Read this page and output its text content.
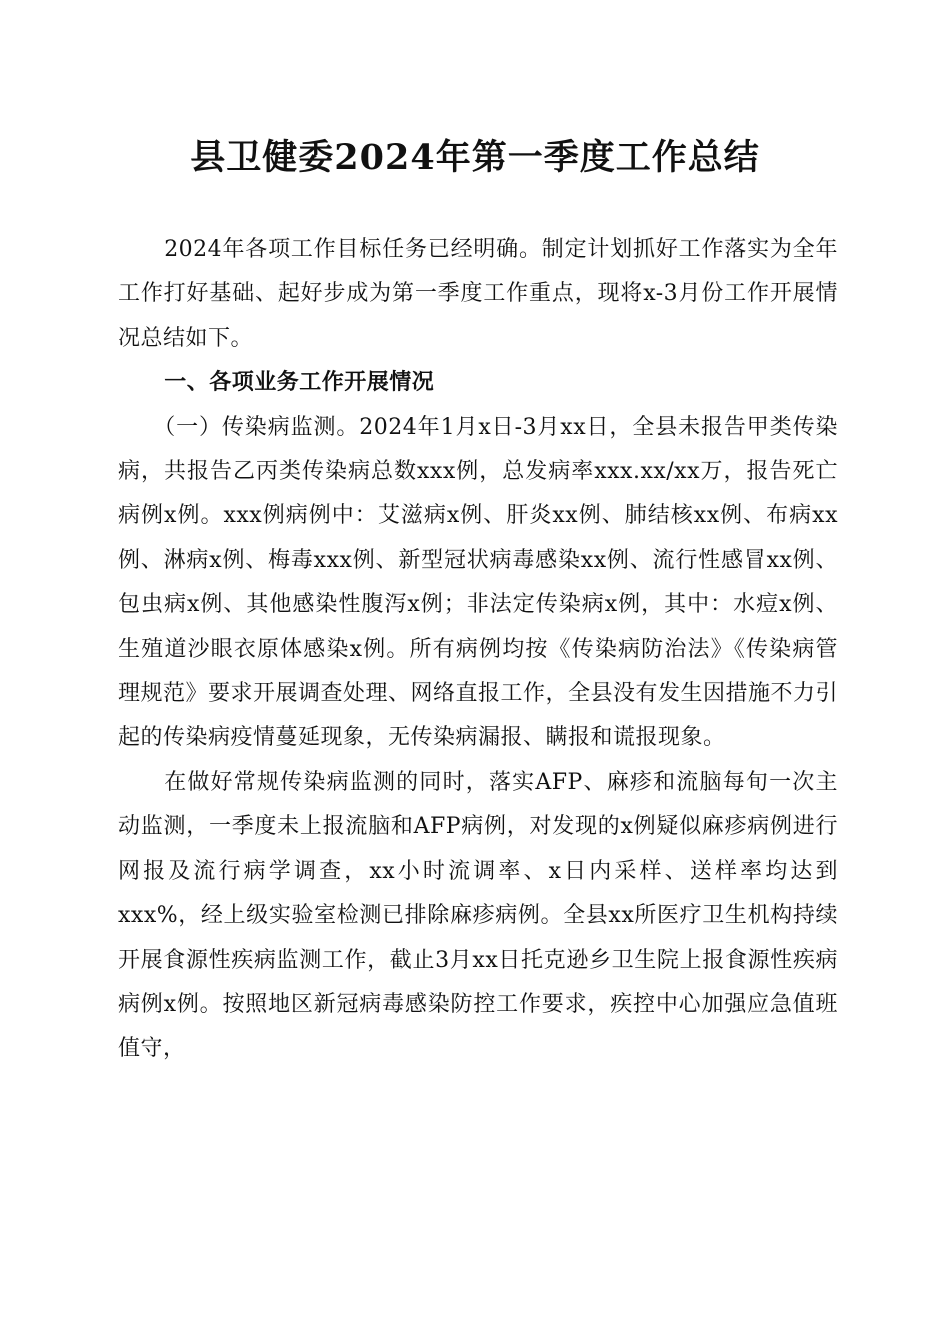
县卫健委2024年第一季度工作总结

2024年各项工作目标任务已经明确。制定计划抓好工作落实为全年工作打好基础、起好步成为第一季度工作重点，现将x-3月份工作开展情况总结如下。

一、各项业务工作开展情况

（一）传染病监测。2024年1月x日-3月xx日，全县未报告甲类传染病，共报告乙丙类传染病总数xxx例，总发病率xxx.xx/xx万，报告死亡病例x例。xxx例病例中：艾滋病x例、肝炎xx例、肺结核xx例、布病xx例、淋病x例、梅毒xxx例、新型冠状病毒感染xx例、流行性感冒xx例、包虫病x例、其他感染性腹泻x例；非法定传染病x例，其中：水痘x例、生殖道沙眼衣原体感染x例。所有病例均按《传染病防治法》《传染病管理规范》要求开展调查处理、网络直报工作，全县没有发生因措施不力引起的传染病疫情蔓延现象，无传染病漏报、瞒报和谎报现象。

在做好常规传染病监测的同时，落实AFP、麻疹和流脑每旬一次主动监测，一季度未上报流脑和AFP病例，对发现的x例疑似麻疹病例进行网报及流行病学调查，xx小时流调率、x日内采样、送样率均达到xxx%，经上级实验室检测已排除麻疹病例。全县xx所医疗卫生机构持续开展食源性疾病监测工作，截止3月xx日托克逊乡卫生院上报食源性疾病病例x例。按照地区新冠病毒感染防控工作要求，疾控中心加强应急值班值守，
